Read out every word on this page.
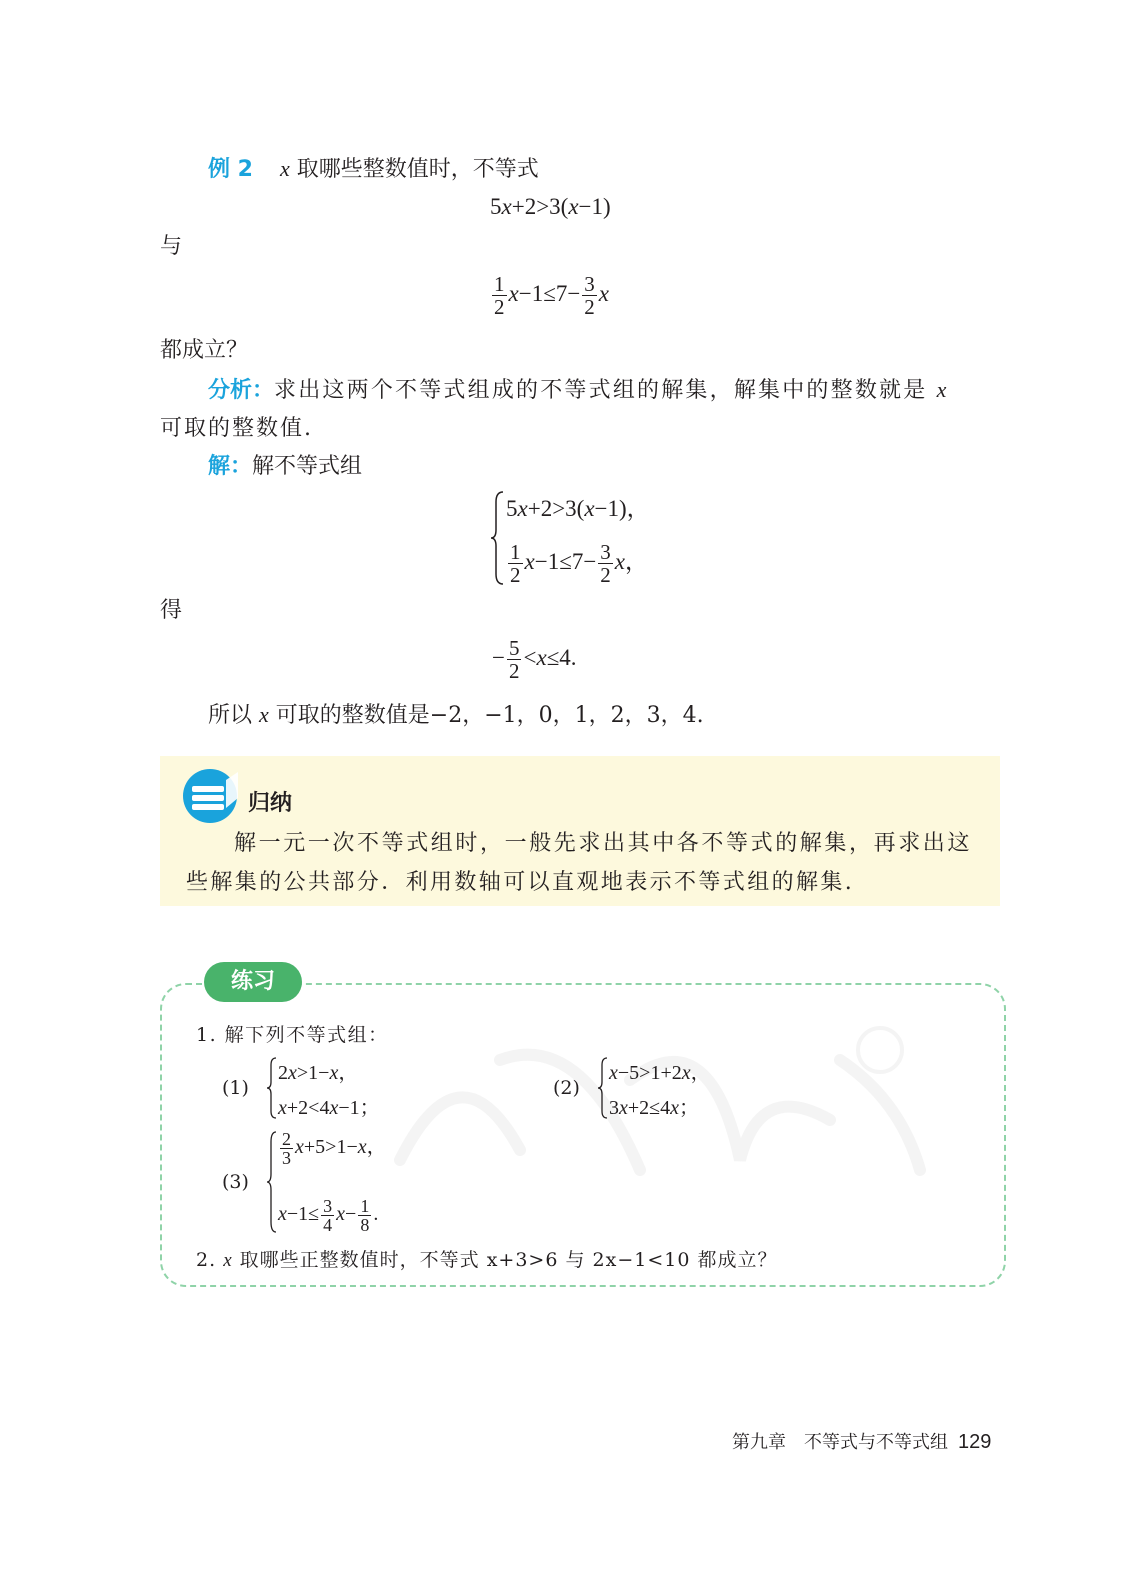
例 2 x 取哪些整数值时，不等式
5x+2>3(x−1)
与
$\frac{1}{2} x-1\le 7- \frac{3}{2}$ x
都成立？
分析：求出这两个不等式组成的不等式组的解集，解集中的整数就是 x
可取的整数值.
解：解不等式组
5x+2>3(x−1)，
$\frac{1}{2} x-1\le 7- \frac{3}{2}$ x，
得
− $\frac{5}{2} <x\le 4$.
所以 x 可取的整数值是−2，−1，0，1，2，3，4.
归纳
解一元一次不等式组时，一般先求出其中各不等式的解集，再求出这
些解集的公共部分．利用数轴可以直观地表示不等式组的解集.
练习
1. 解下列不等式组：
(1)
2x>1−x，
x+2<4x−1；
(2)
x−5>1+2x，
3x+2≤4x；
(3)
$\frac{2}{3} x+5>1-x$，
$x-1\le \frac{3}{4} x- \frac{1}{8}$ .
2. x 取哪些正整数值时，不等式 x+3>6 与 2x−1<10 都成立？
第九章　不等式与不等式组 129
